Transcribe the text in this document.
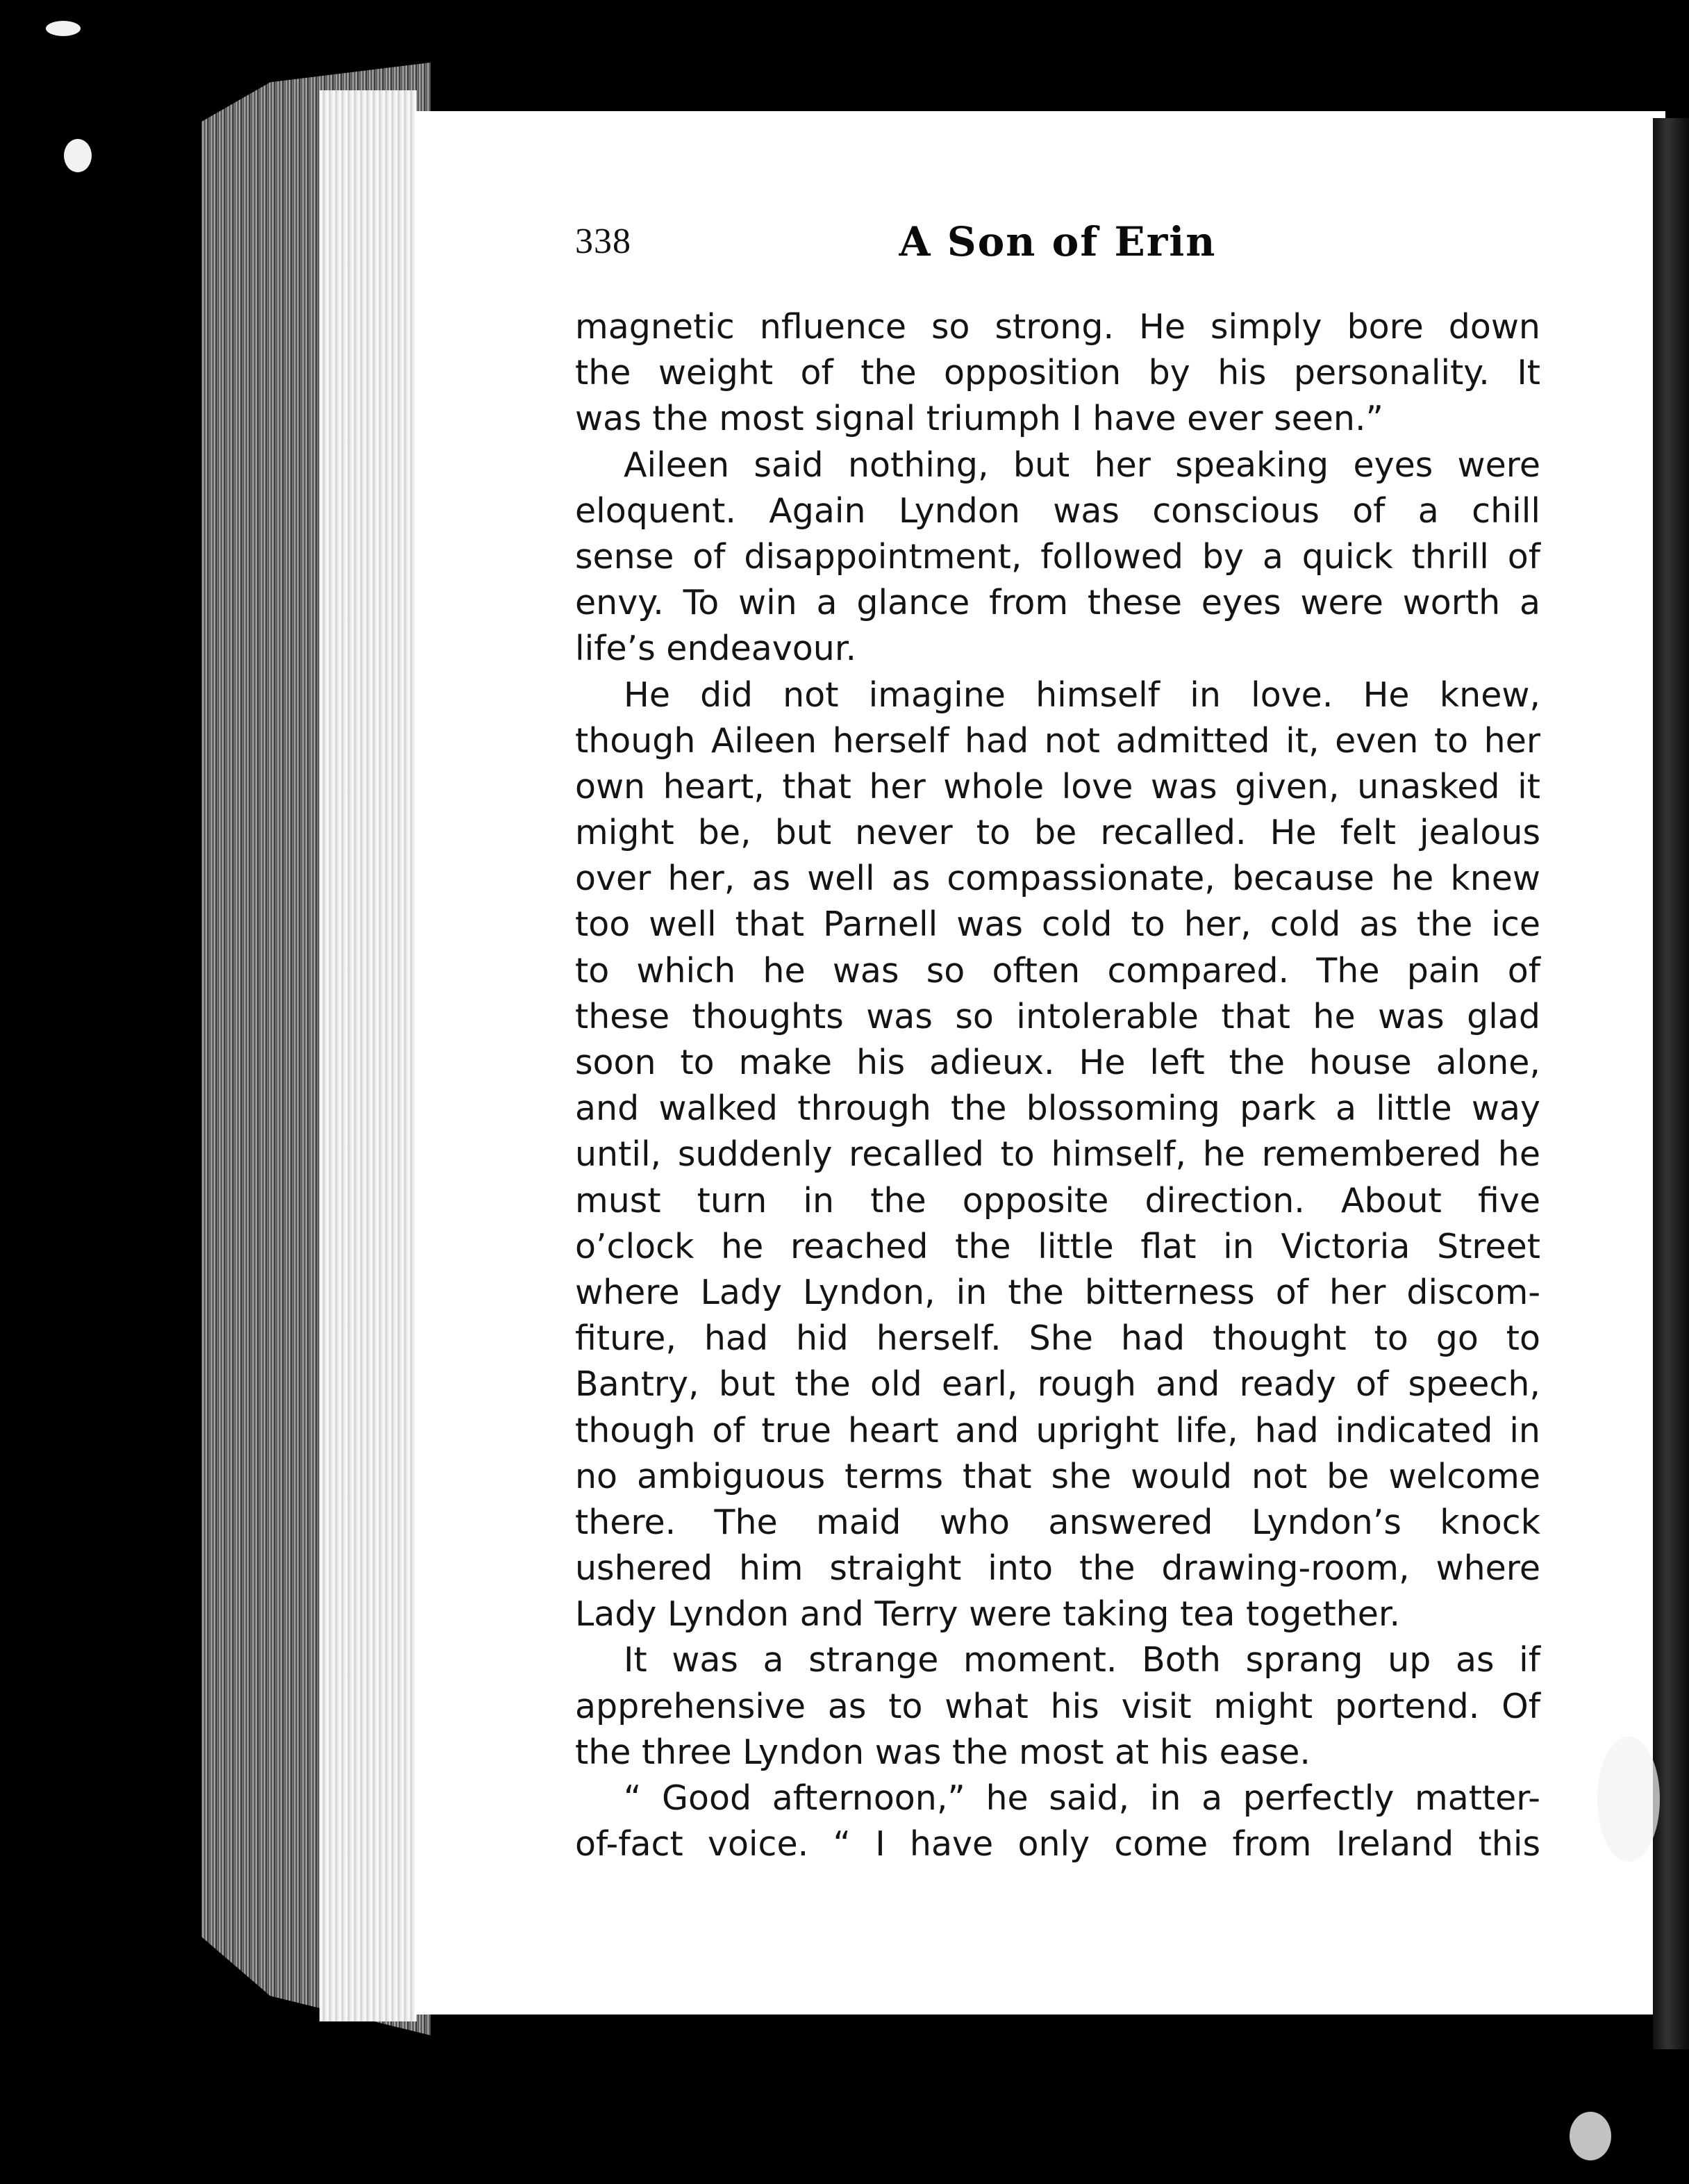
338	A Son of Erin
magnetic nfluence so strong. He simply bore down
the weight of the opposition by his personality. It
was the most signal triumph I have ever seen.”
Aileen said nothing, but her speaking eyes were
eloquent. Again Lyndon was conscious of a chill
sense of disappointment, followed by a quick thrill of
envy. To win a glance from these eyes were worth a
life’s endeavour.
He did not imagine himself in love. He knew,
though Aileen herself had not admitted it, even to her
own heart, that her whole love was given, unasked it
might be, but never to be recalled. He felt jealous
over her, as well as compassionate, because he knew
too well that Parnell was cold to her, cold as the ice
to which he was so often compared. The pain of
these thoughts was so intolerable that he was glad
soon to make his adieux. He left the house alone,
and walked through the blossoming park a little way
until, suddenly recalled to himself, he remembered he
must turn in the opposite direction. About five
o’clock he reached the little flat in Victoria Street
where Lady Lyndon, in the bitterness of her discom-
fiture, had hid herself. She had thought to go to
Bantry, but the old earl, rough and ready of speech,
though of true heart and upright life, had indicated in
no ambiguous terms that she would not be welcome
there. The maid who answered Lyndon’s knock
ushered him straight into the drawing-room, where
Lady Lyndon and Terry were taking tea together.
It was a strange moment. Both sprang up as if
apprehensive as to what his visit might portend. Of
the three Lyndon was the most at his ease.
“ Good afternoon,” he said, in a perfectly matter-
of-fact voice. “ I have only come from Ireland this
